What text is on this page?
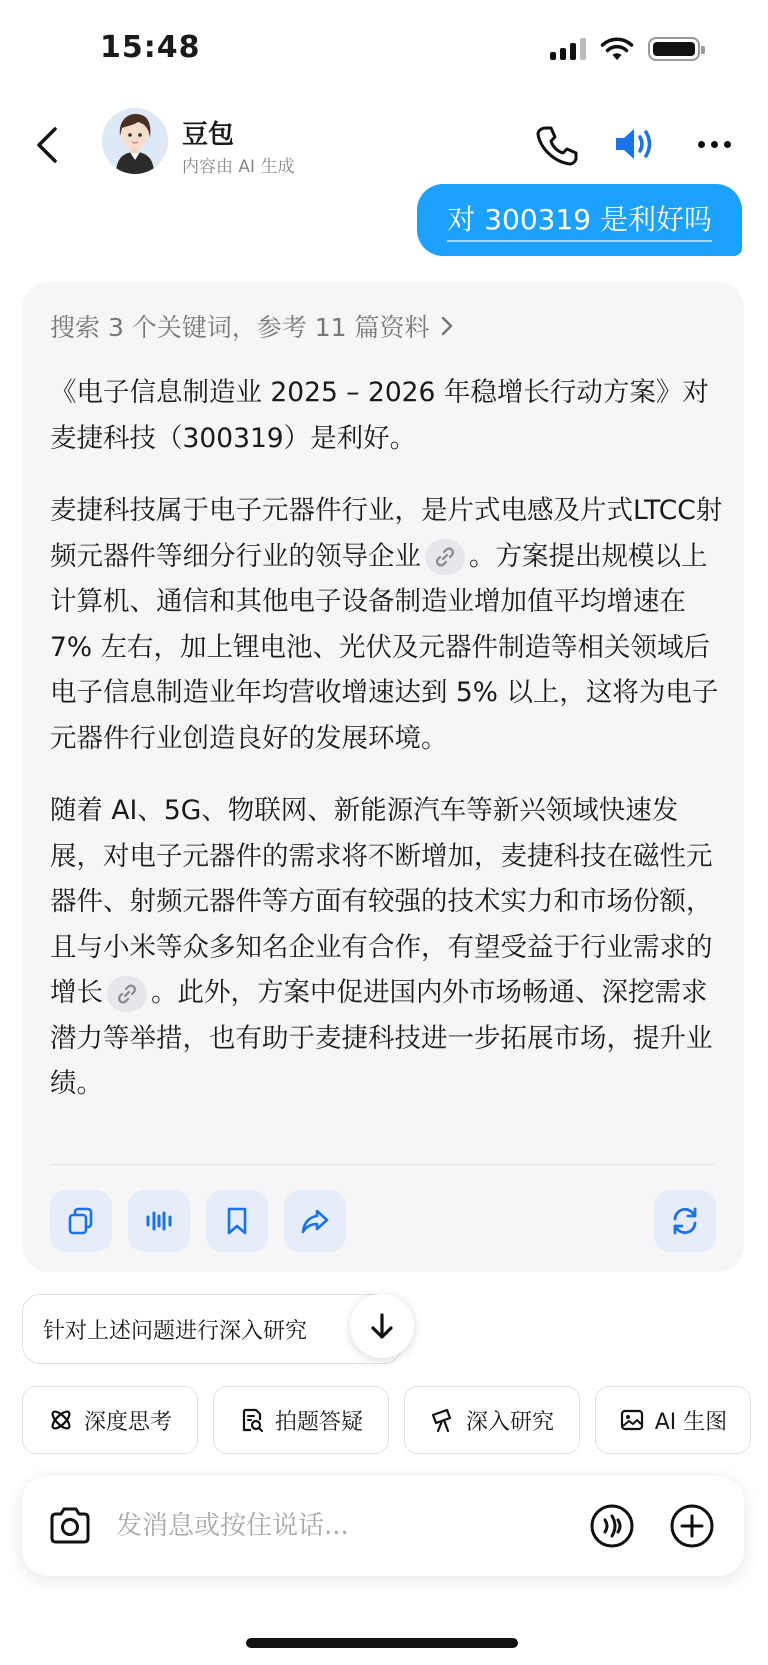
15:48
豆包
内容由 AI 生成
对 300319 是利好吗
搜索 3 个关键词，参考 11 篇资料

《电子信息制造业 2025 – 2026 年稳增长行动方案》对麦捷科技（300319）是利好。

麦捷科技属于电子元器件行业，是片式电感及片式LTCC射频元器件等细分行业的领导企业 。方案提出规模以上计算机、通信和其他电子设备制造业增加值平均增速在 7% 左右，加上锂电池、光伏及元器件制造等相关领域后电子信息制造业年均营收增速达到 5% 以上，这将为电子元器件行业创造良好的发展环境。

随着 AI、5G、物联网、新能源汽车等新兴领域快速发展，对电子元器件的需求将不断增加，麦捷科技在磁性元器件、射频元器件等方面有较强的技术实力和市场份额，且与小米等众多知名企业有合作，有望受益于行业需求的增长 。此外，方案中促进国内外市场畅通、深挖需求潜力等举措，也有助于麦捷科技进一步拓展市场，提升业绩。

针对上述问题进行深入研究
深度思考	拍题答疑	深入研究	AI 生图
发消息或按住说话...
